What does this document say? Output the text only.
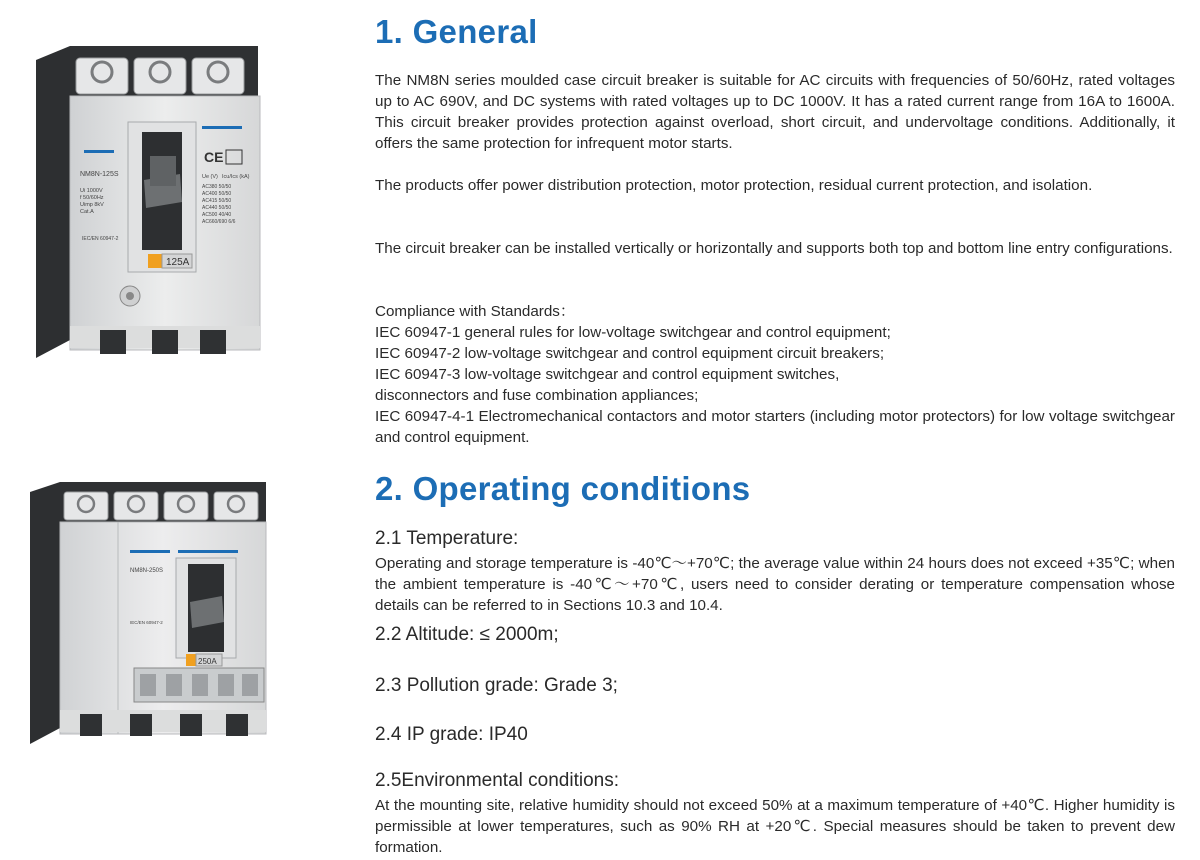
CE
NM8N-125S
Ui 1000V
f 50/60Hz
Uimp 8kV
Cat.A
IEC/EN 60947-2
Ue (V) Icu/Ics (kA)
AC380 50/50
AC400 50/50
AC415 50/50
AC440 50/50
AC500 40/40
AC660/690 6/6
125A
NM8N-250S
IEC/EN 60947-2
250A
1. General

The NM8N series moulded case circuit breaker is suitable for AC circuits with frequencies of 50/60Hz, rated voltages up to AC 690V, and DC systems with rated voltages up to DC 1000V. It has a rated current range from 16A to 1600A. This circuit breaker provides protection against overload, short circuit, and undervoltage conditions. Additionally, it offers the same protection for infrequent motor starts.

The products offer power distribution protection, motor protection, residual current protection, and isolation.

The circuit breaker can be installed vertically or horizontally and supports both top and bottom line entry configurations.

Compliance with Standards：
IEC 60947-1 general rules for low-voltage switchgear and control equipment;
IEC 60947-2 low-voltage switchgear and control equipment circuit breakers;
IEC 60947-3 low-voltage switchgear and control equipment switches,
disconnectors and fuse combination appliances;
IEC 60947-4-1 Electromechanical contactors and motor starters (including motor protectors) for low voltage switchgear and control equipment.
2. Operating conditions

2.1 Temperature:

Operating and storage temperature is -40℃～+70℃; the average value within 24 hours does not exceed +35℃; when the ambient temperature is -40℃～+70℃, users need to consider derating or temperature compensation whose details can be referred to in Sections 10.3 and 10.4.

2.2 Altitude: ≤ 2000m;

2.3 Pollution grade: Grade 3;

2.4 IP grade: IP40

2.5Environmental conditions:

At the mounting site, relative humidity should not exceed 50% at a maximum temperature of +40℃. Higher humidity is permissible at lower temperatures, such as 90% RH at +20℃. Special measures should be taken to prevent dew formation.
